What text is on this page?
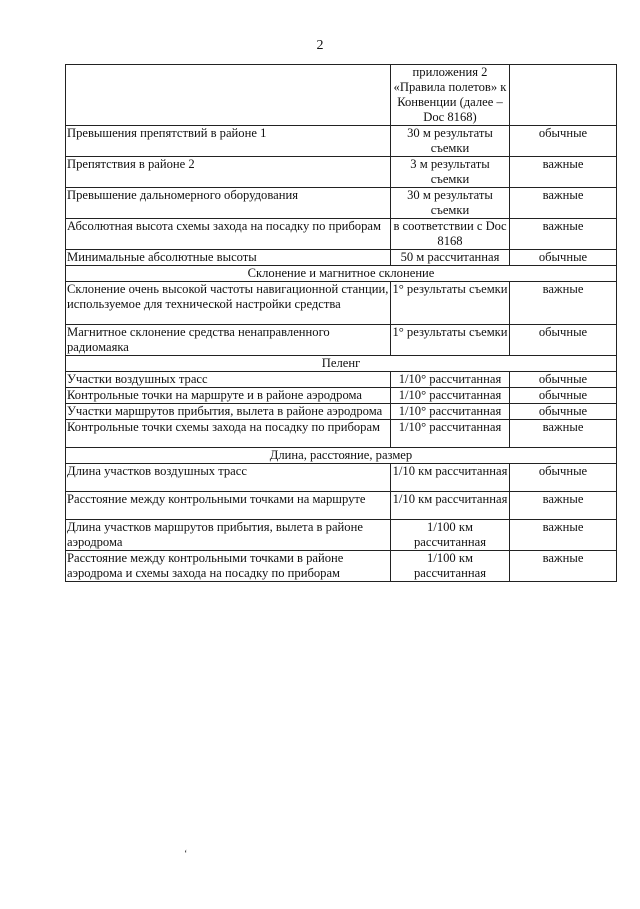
2
	приложения 2 «Правила полетов» к Конвенции (далее – Doc 8168)	
Превышения препятствий в районе 1	30 м результаты съемки	обычные
Препятствия в районе 2	3 м результаты съемки	важные
Превышение дальномерного оборудования	30 м результаты съемки	важные
Абсолютная высота схемы захода на посадку по приборам	в соответствии с Doc 8168	важные
Минимальные абсолютные высоты	50 м рассчитанная	обычные
Склонение и магнитное склонение		
Склонение очень высокой частоты навигационной станции, используемое для технической настройки средства	1° результаты съемки	важные
Магнитное склонение средства ненаправленного радиомаяка	1° результаты съемки	обычные
Пеленг		
Участки воздушных трасс	1/10° рассчитанная	обычные
Контрольные точки на маршруте и в районе аэродрома	1/10° рассчитанная	обычные
Участки маршрутов прибытия, вылета в районе аэродрома	1/10° рассчитанная	обычные
Контрольные точки схемы захода на посадку по приборам	1/10° рассчитанная	важные
Длина, расстояние, размер		
Длина участков воздушных трасс	1/10 км рассчитанная	обычные
Расстояние между контрольными точками на маршруте	1/10 км рассчитанная	важные
Длина участков маршрутов прибытия, вылета в районе аэродрома	1/100 км рассчитанная	важные
Расстояние между контрольными точками в районе аэродрома и схемы захода на посадку по приборам	1/100 км рассчитанная	важные
‘
